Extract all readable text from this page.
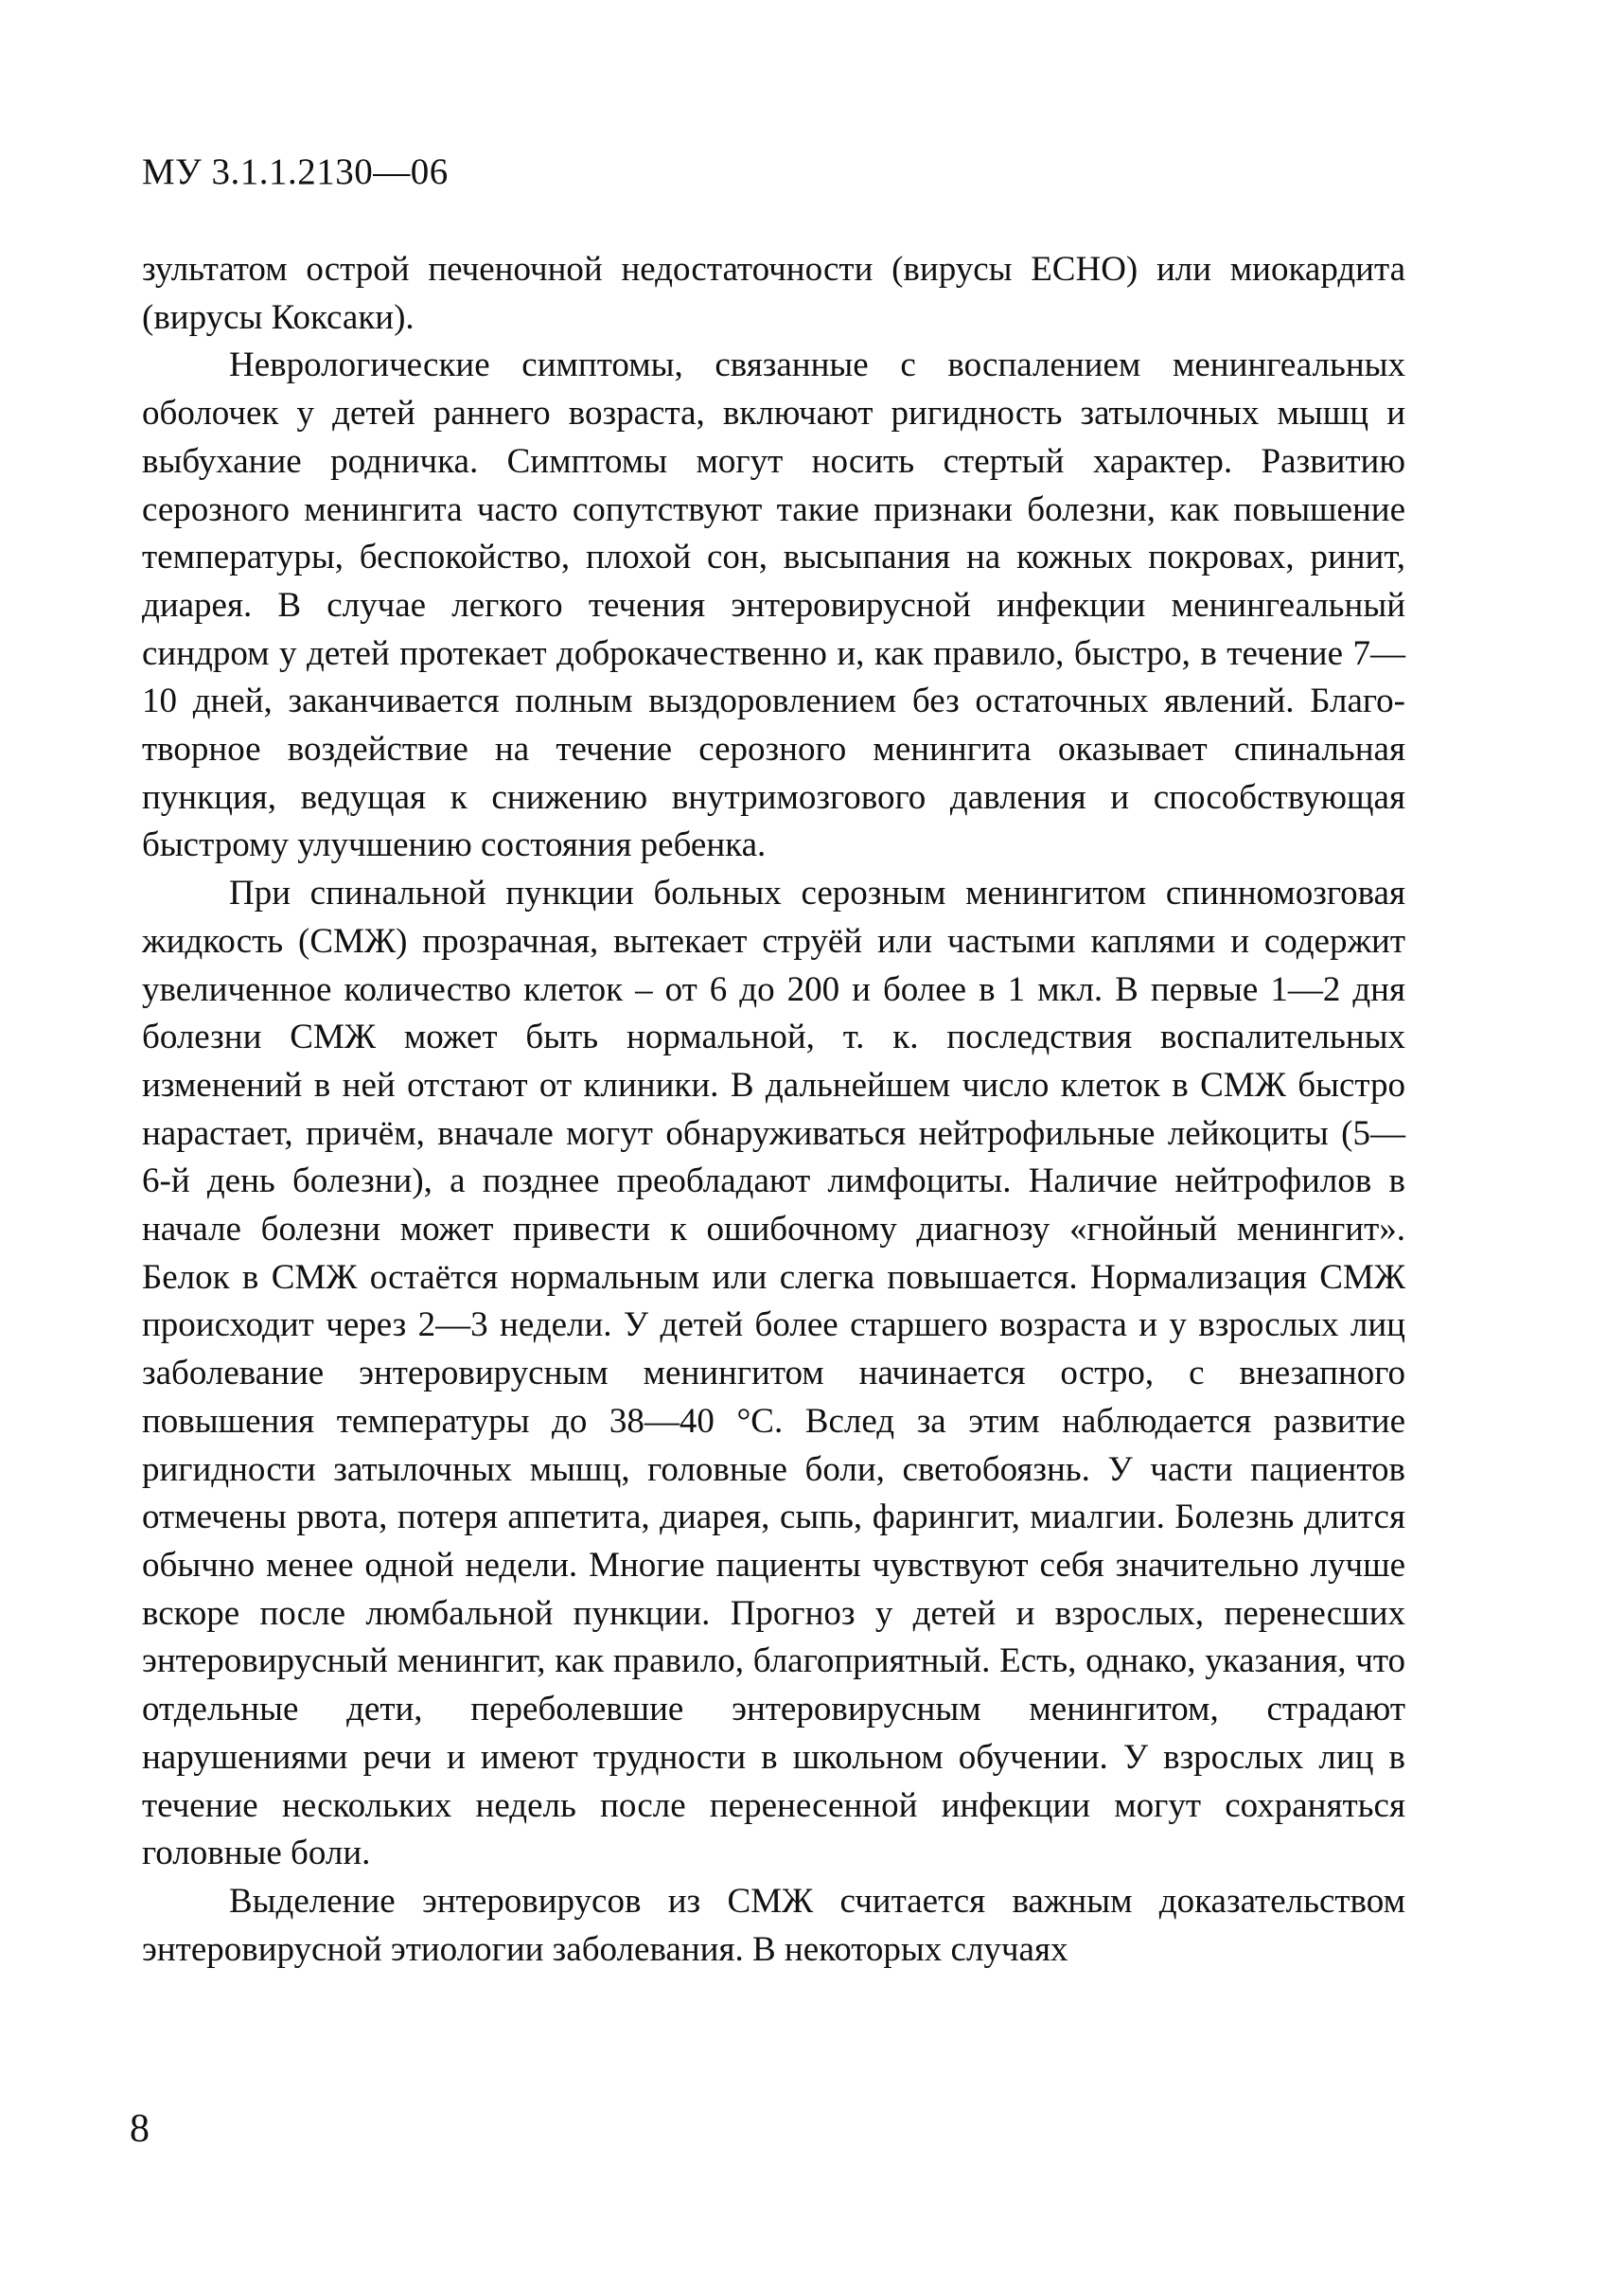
МУ 3.1.1.2130—06

зультатом острой печеночной недостаточности (вирусы ЕСНО) или миокардита (вирусы Коксаки).

Неврологические симптомы, связанные с воспалением менингеальных оболочек у детей раннего возраста, включают ригидность затылочных мышц и выбухание родничка. Симптомы могут носить стертый характер. Развитию серозного менингита часто сопутствуют такие признаки болезни, как повышение температуры, беспокойство, плохой сон, высыпания на кожных покровах, ринит, диарея. В случае легкого течения энтеровирусной инфекции менингеальный синдром у детей протекает доброкачественно и, как правило, быстро, в течение 7—10 дней, заканчивается полным выздоровлением без остаточных явлений. Благотворное воздействие на течение серозного менингита оказывает спинальная пункция, ведущая к снижению внутримозгового давления и способствующая быстрому улучшению состояния ребенка.

При спинальной пункции больных серозным менингитом спинномозговая жидкость (СМЖ) прозрачная, вытекает струёй или частыми каплями и содержит увеличенное количество клеток – от 6 до 200 и более в 1 мкл. В первые 1—2 дня болезни СМЖ может быть нормальной, т. к. последствия воспалительных изменений в ней отстают от клиники. В дальнейшем число клеток в СМЖ быстро нарастает, причём, вначале могут обнаруживаться нейтрофильные лейкоциты (5—6-й день болезни), а позднее преобладают лимфоциты. Наличие нейтрофилов в начале болезни может привести к ошибочному диагнозу «гнойный менингит». Белок в СМЖ остаётся нормальным или слегка повышается. Нормализация СМЖ происходит через 2—3 недели. У детей более старшего возраста и у взрослых лиц заболевание энтеровирусным менингитом начинается остро, с внезапного повышения температуры до 38—40 °С. Вслед за этим наблюдается развитие ригидности затылочных мышц, головные боли, светобоязнь. У части пациентов отмечены рвота, потеря аппетита, диарея, сыпь, фарингит, миалгии. Болезнь длится обычно менее одной недели. Многие пациенты чувствуют себя значительно лучше вскоре после люмбальной пункции. Прогноз у детей и взрослых, перенесших энтеровирусный менингит, как правило, благоприятный. Есть, однако, указания, что отдельные дети, переболевшие энтеровирусным менингитом, страдают нарушениями речи и имеют трудности в школьном обучении. У взрослых лиц в течение нескольких недель после перенесенной инфекции могут сохраняться головные боли.

Выделение энтеровирусов из СМЖ считается важным доказательством энтеровирусной этиологии заболевания. В некоторых случаях

8
